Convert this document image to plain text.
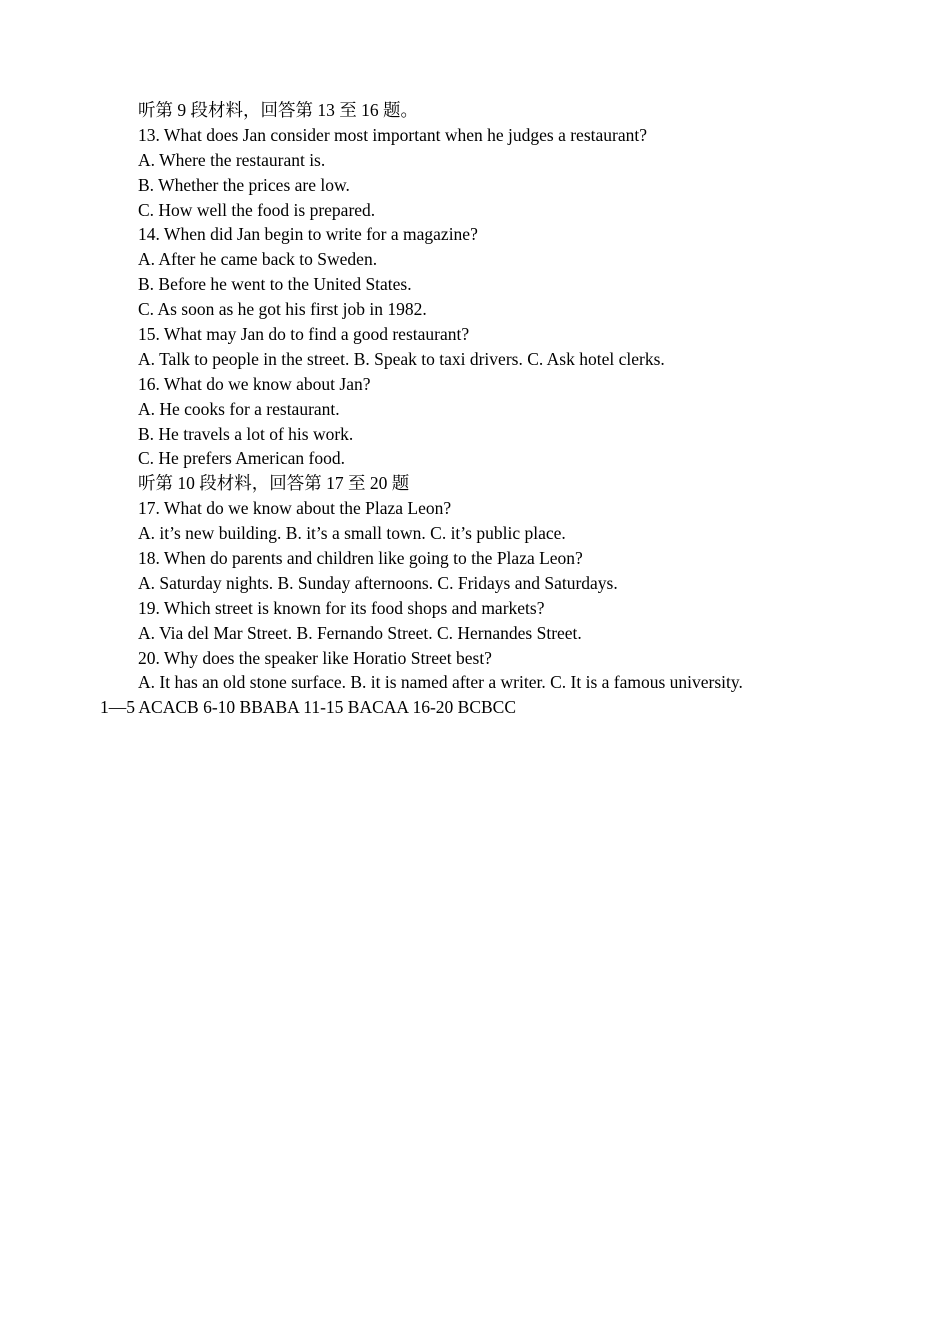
听第 9 段材料，回答第 13 至 16 题。
13. What does Jan consider most important when he judges a restaurant?
A. Where the restaurant is.
B. Whether the prices are low.
C. How well the food is prepared.
14. When did Jan begin to write for a magazine?
A. After he came back to Sweden.
B. Before he went to the United States.
C. As soon as he got his first job in 1982.
15. What may Jan do to find a good restaurant?
A. Talk to people in the street. B. Speak to taxi drivers. C. Ask hotel clerks.
16. What do we know about Jan?
A. He cooks for a restaurant.
B. He travels a lot of his work.
C. He prefers American food.
听第 10 段材料，回答第 17 至 20 题
17. What do we know about the Plaza Leon?
A. it’s new building. B. it’s a small town. C. it’s public place.
18. When do parents and children like going to the Plaza Leon?
A. Saturday nights. B. Sunday afternoons. C. Fridays and Saturdays.
19. Which street is known for its food shops and markets?
A. Via del Mar Street. B. Fernando Street. C. Hernandes Street.
20. Why does the speaker like Horatio Street best?
A. It has an old stone surface. B. it is named after a writer. C. It is a famous university.
1—5 ACACB 6-10 BBABA 11-15 BACAA 16-20 BCBCC
